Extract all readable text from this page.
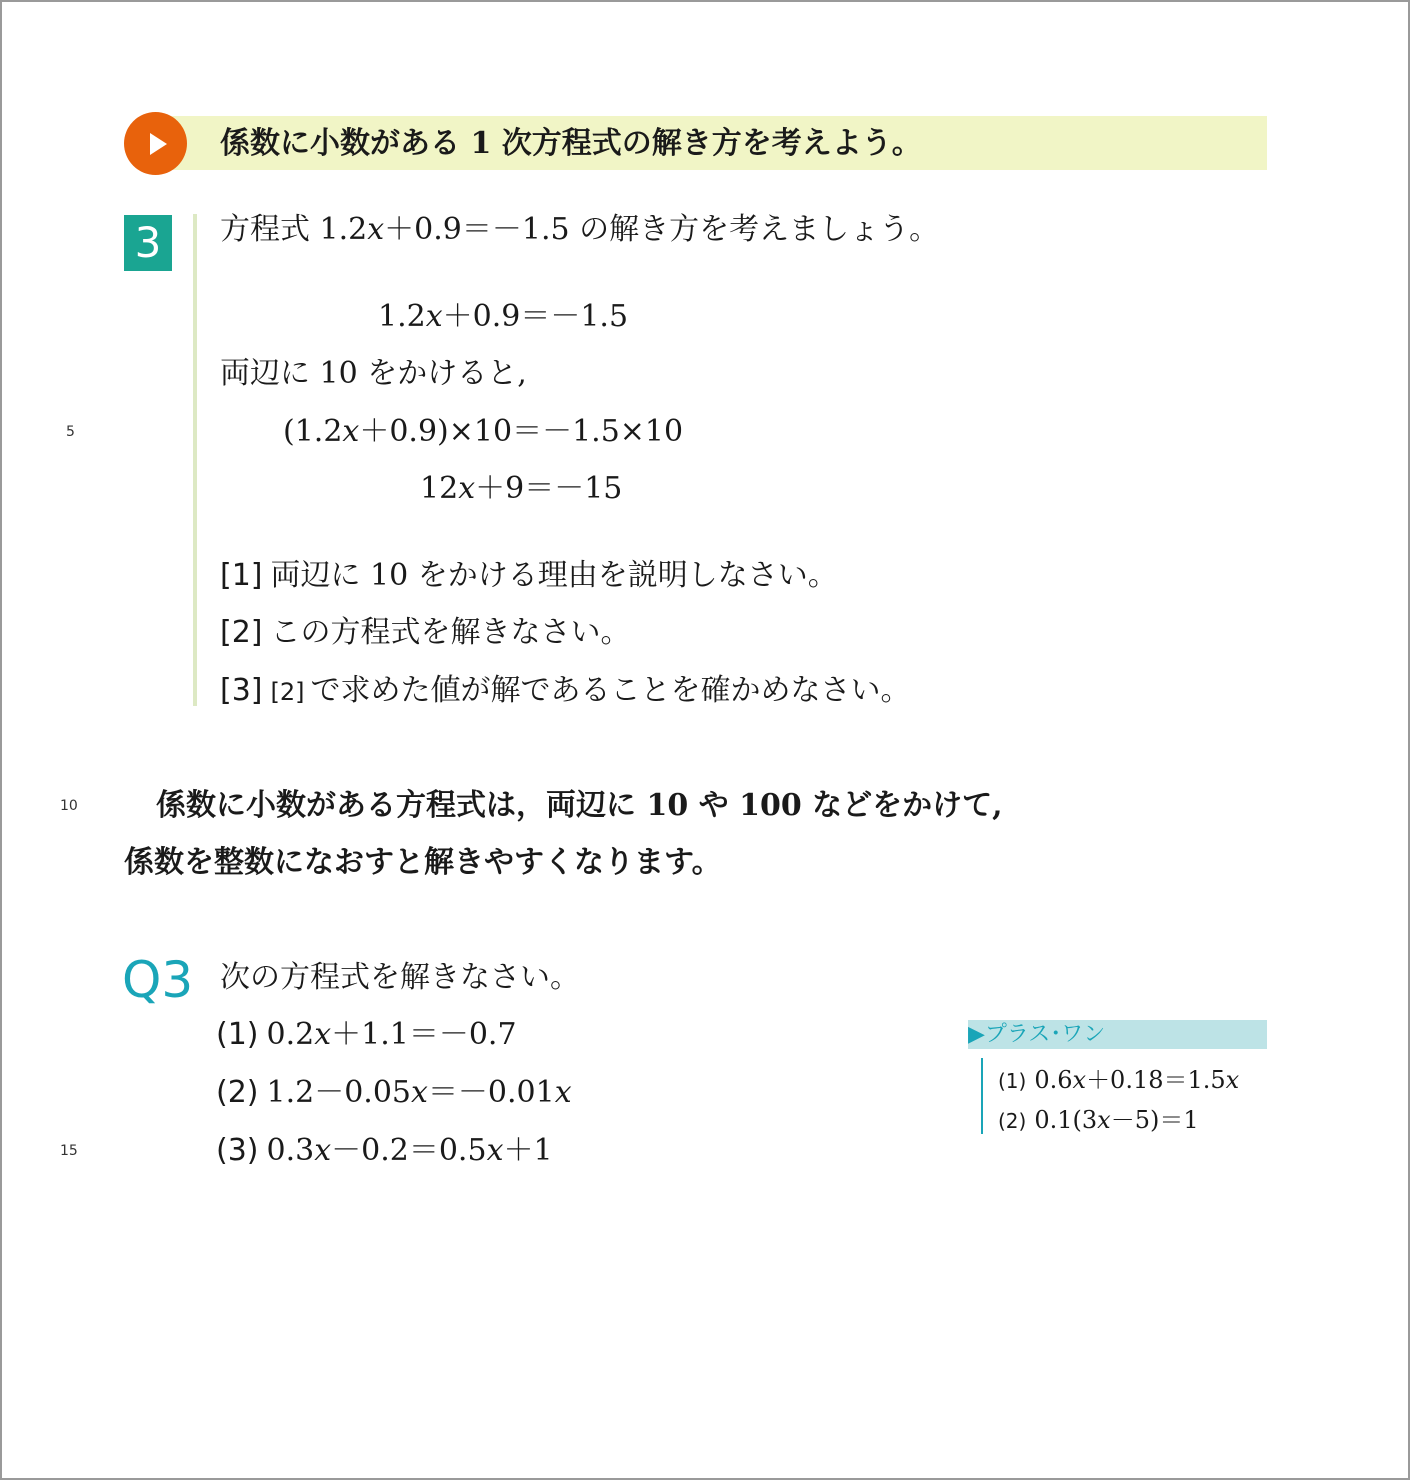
係数に小数がある 1 次方程式の解き方を考えよう。
3	方程式 1.2x＋0.9＝－1.5 の解き方を考えましょう。
1.2x＋0.9＝－1.5
両辺に 10 をかけると,
(1.2x＋0.9)×10＝－1.5×10
12x＋9＝－15
[1] 両辺に 10 をかける理由を説明しなさい。
[2] この方程式を解きなさい。
[3] [2] で求めた値が解であることを確かめなさい。
5
10
15
係数に小数がある方程式は，両辺に 10 や 100 などをかけて,
係数を整数になおすと解きやすくなります。
Q3 次の方程式を解きなさい。
(1) 0.2x＋1.1＝－0.7
(2) 1.2－0.05x＝－0.01x
(3) 0.3x－0.2＝0.5x＋1
▶プラス･ワン
(1) 0.6x＋0.18＝1.5x
(2) 0.1(3x－5)＝1
